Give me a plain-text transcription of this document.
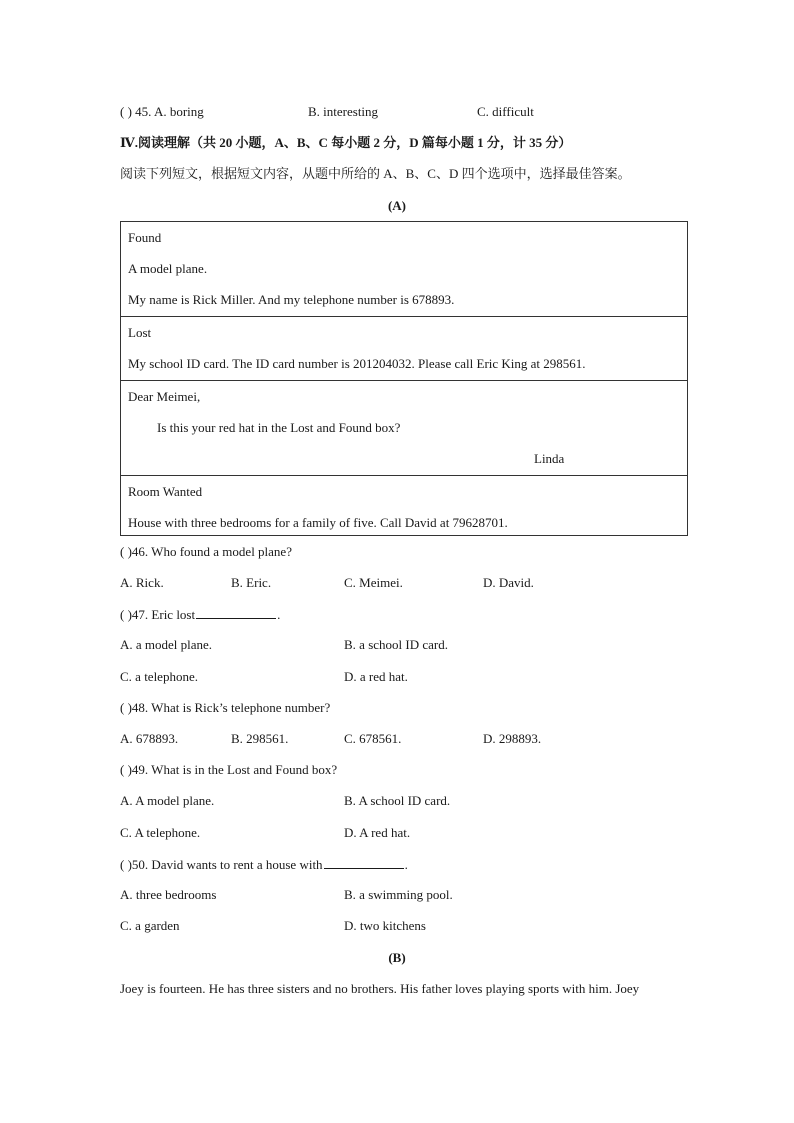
( ) 45. A. boring	B. interesting	C. difficult
Ⅳ.阅读理解（共 20 小题，A、B、C 每小题 2 分，D 篇每小题 1 分，计 35 分）
阅读下列短文，根据短文内容，从题中所给的 A、B、C、D 四个选项中，选择最佳答案。
(A)
Found
A model plane.
My name is Rick Miller. And my telephone number is 678893.
Lost
My school ID card. The ID card number is 201204032. Please call Eric King at 298561.
Dear Meimei,
Is this your red hat in the Lost and Found box?
Linda
Room Wanted
House with three bedrooms for a family of five. Call David at 79628701.
( )46. Who found a model plane?
A. Rick.	B. Eric.	C. Meimei.	D. David.
( )47. Eric lost	.
A. a model plane.	B. a school ID card.
C. a telephone.	D. a red hat.
( )48. What is Rick’s telephone number?
A. 678893.	B. 298561.	C. 678561.	D. 298893.
( )49. What is in the Lost and Found box?
A. A model plane.	B. A school ID card.
C. A telephone.	D. A red hat.
( )50. David wants to rent a house with	.
A. three bedrooms	B. a swimming pool.
C. a garden	D. two kitchens
(B)
Joey is fourteen. He has three sisters and no brothers. His father loves playing sports with him. Joey
